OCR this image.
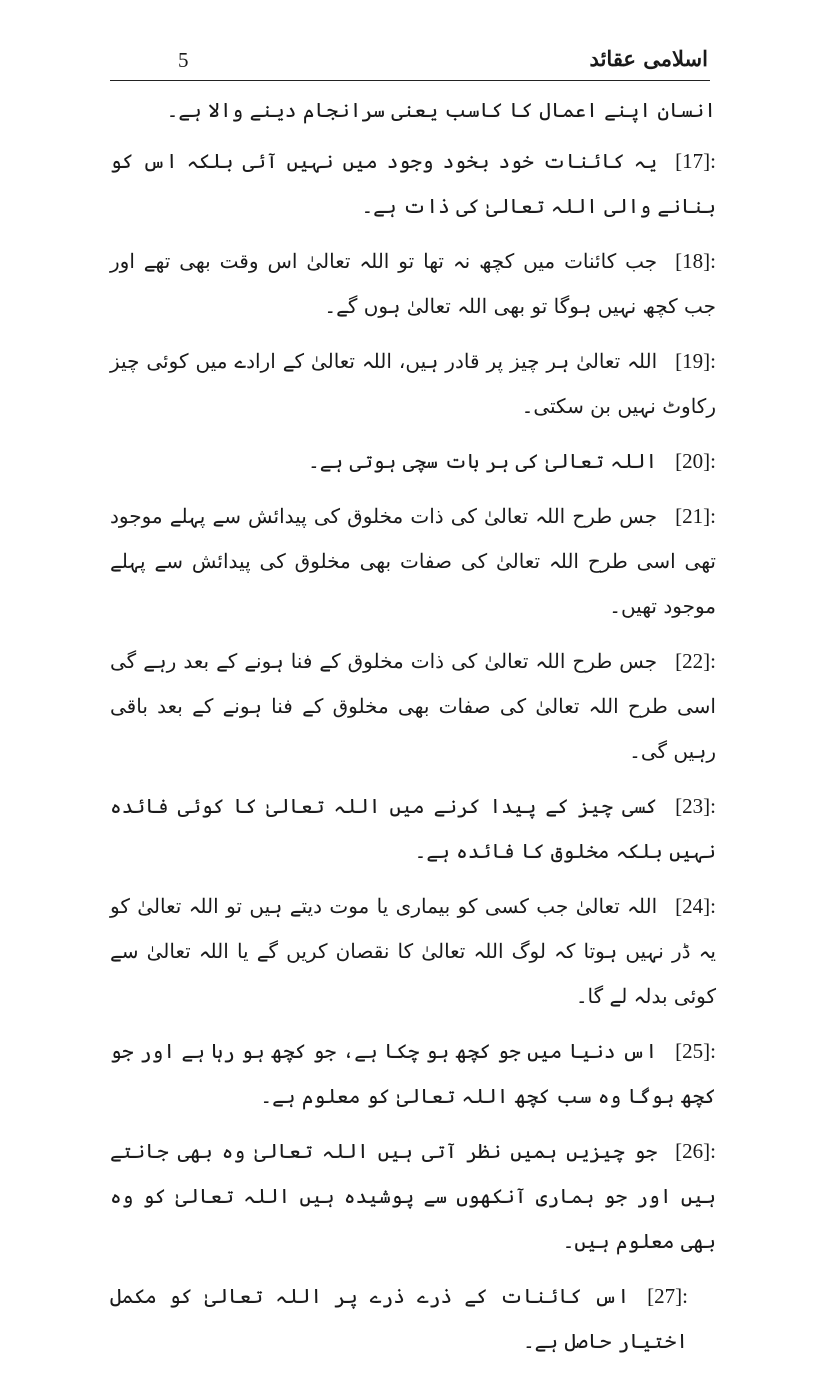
5	اسلامی عقائد

انسان اپنے اعمال کا کاسب یعنی سرانجام دینے والا ہے۔

[17]:یہ کائنات خود بخود وجود میں نہیں آئی بلکہ اس کو بنانے والی اللہ تعالیٰ کی ذات ہے۔

[18]:جب کائنات میں کچھ نہ تھا تو اللہ تعالیٰ اس وقت بھی تھے اور جب کچھ نہیں ہوگا تو بھی اللہ تعالیٰ ہوں گے۔

[19]:اللہ تعالیٰ ہر چیز پر قادر ہیں، اللہ تعالیٰ کے ارادے میں کوئی چیز رکاوٹ نہیں بن سکتی۔

[20]:اللہ تعالیٰ کی ہر بات سچی ہوتی ہے۔

[21]:جس طرح اللہ تعالیٰ کی ذات مخلوق کی پیدائش سے پہلے موجود تھی اسی طرح اللہ تعالیٰ کی صفات بھی مخلوق کی پیدائش سے پہلے موجود تھیں۔

[22]:جس طرح اللہ تعالیٰ کی ذات مخلوق کے فنا ہونے کے بعد رہے گی اسی طرح اللہ تعالیٰ کی صفات بھی مخلوق کے فنا ہونے کے بعد باقی رہیں گی۔

[23]:کسی چیز کے پیدا کرنے میں اللہ تعالیٰ کا کوئی فائدہ نہیں بلکہ مخلوق کا فائدہ ہے۔

[24]:اللہ تعالیٰ جب کسی کو بیماری یا موت دیتے ہیں تو اللہ تعالیٰ کو یہ ڈر نہیں ہوتا کہ لوگ اللہ تعالیٰ کا نقصان کریں گے یا اللہ تعالیٰ سے کوئی بدلہ لے گا۔

[25]:اس دنیا میں جو کچھ ہو چکا ہے، جو کچھ ہو رہا ہے اور جو کچھ ہوگا وہ سب کچھ اللہ تعالیٰ کو معلوم ہے۔

[26]:جو چیزیں ہمیں نظر آتی ہیں اللہ تعالیٰ وہ بھی جانتے ہیں اور جو ہماری آنکھوں سے پوشیدہ ہیں اللہ تعالیٰ کو وہ بھی معلوم ہیں۔

[27]:اس کائنات کے ذرے ذرے پر اللہ تعالیٰ کو مکمل اختیار حاصل ہے۔
